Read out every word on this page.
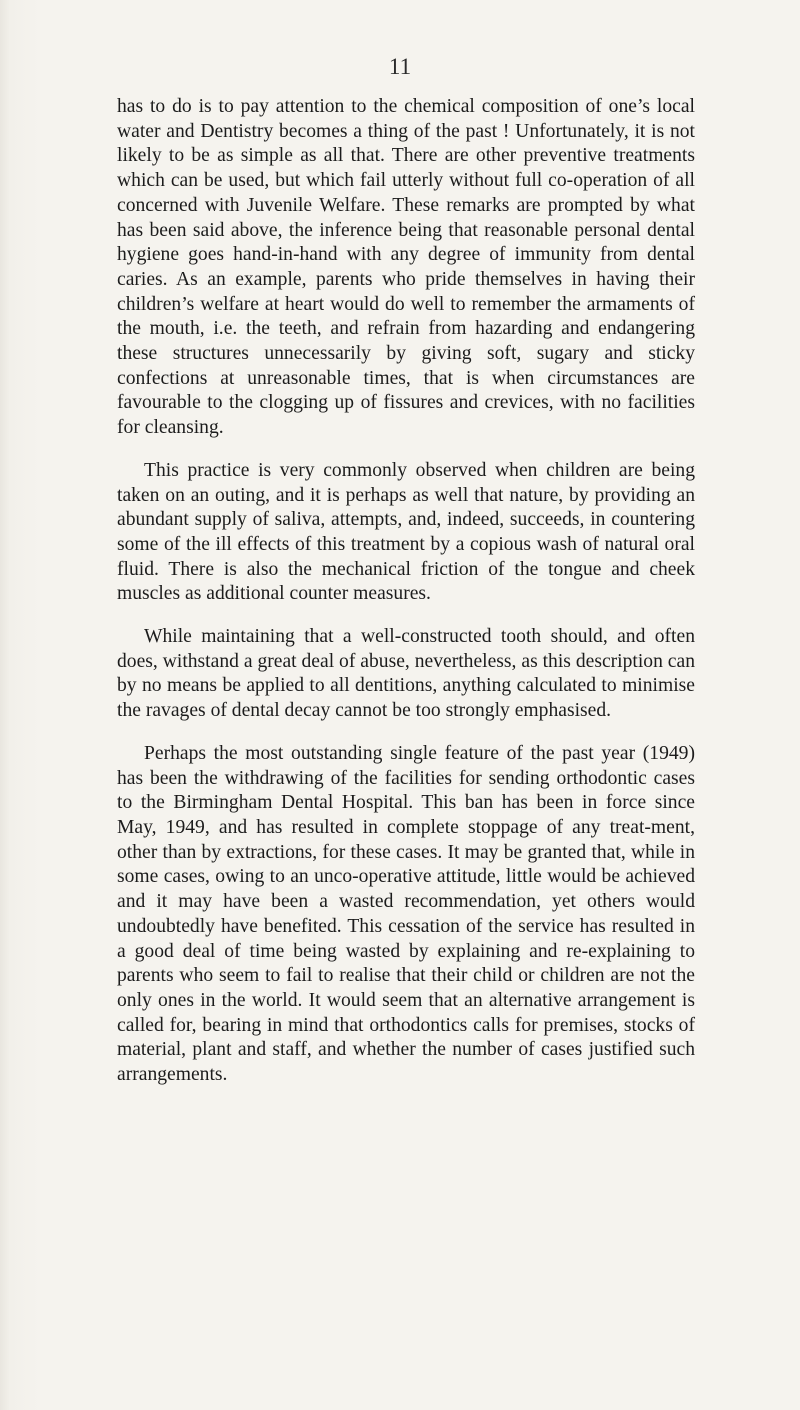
11

has to do is to pay attention to the chemical composition of one’s local water and Dentistry becomes a thing of the past ! Unfortunately, it is not likely to be as simple as all that. There are other preventive treatments which can be used, but which fail utterly without full co-operation of all concerned with Juvenile Welfare. These remarks are prompted by what has been said above, the inference being that reasonable personal dental hygiene goes hand-in-hand with any degree of immunity from dental caries. As an example, parents who pride themselves in having their children’s welfare at heart would do well to remember the armaments of the mouth, i.e. the teeth, and refrain from hazarding and endangering these structures unnecessarily by giving soft, sugary and sticky confections at unreasonable times, that is when circumstances are favourable to the clogging up of fissures and crevices, with no facilities for cleansing.

This practice is very commonly observed when children are being taken on an outing, and it is perhaps as well that nature, by providing an abundant supply of saliva, attempts, and, indeed, succeeds, in countering some of the ill effects of this treatment by a copious wash of natural oral fluid. There is also the mechanical friction of the tongue and cheek muscles as additional counter measures.

While maintaining that a well-constructed tooth should, and often does, withstand a great deal of abuse, nevertheless, as this description can by no means be applied to all dentitions, anything calculated to minimise the ravages of dental decay cannot be too strongly emphasised.

Perhaps the most outstanding single feature of the past year (1949) has been the withdrawing of the facilities for sending orthodontic cases to the Birmingham Dental Hospital. This ban has been in force since May, 1949, and has resulted in complete stoppage of any treat-ment, other than by extractions, for these cases. It may be granted that, while in some cases, owing to an unco-operative attitude, little would be achieved and it may have been a wasted recommendation, yet others would undoubtedly have benefited. This cessation of the service has resulted in a good deal of time being wasted by explaining and re-explaining to parents who seem to fail to realise that their child or children are not the only ones in the world. It would seem that an alternative arrangement is called for, bearing in mind that orthodontics calls for premises, stocks of material, plant and staff, and whether the number of cases justified such arrangements.
